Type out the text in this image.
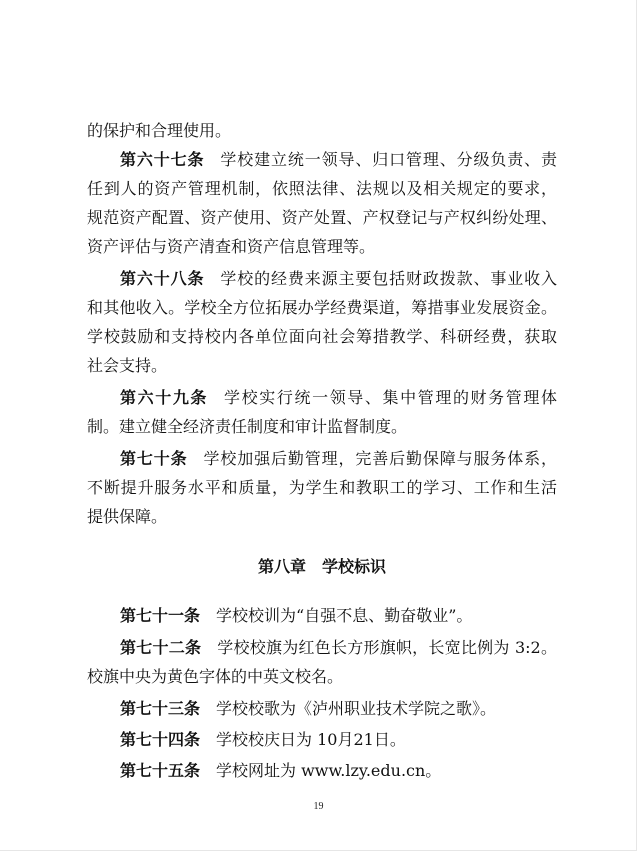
的保护和合理使用。
第六十七条 学校建立统一领导、归口管理、分级负责、责
任到人的资产管理机制，依照法律、法规以及相关规定的要求，
规范资产配置、资产使用、资产处置、产权登记与产权纠纷处理、
资产评估与资产清查和资产信息管理等。
第六十八条 学校的经费来源主要包括财政拨款、事业收入
和其他收入。学校全方位拓展办学经费渠道，筹措事业发展资金。
学校鼓励和支持校内各单位面向社会筹措教学、科研经费，获取
社会支持。
第六十九条 学校实行统一领导、集中管理的财务管理体
制。建立健全经济责任制度和审计监督制度。
第七十条 学校加强后勤管理，完善后勤保障与服务体系，
不断提升服务水平和质量，为学生和教职工的学习、工作和生活
提供保障。
第八章 学校标识
第七十一条 学校校训为“自强不息、勤奋敬业”。
第七十二条 学校校旗为红色长方形旗帜，长宽比例为 3:2。
校旗中央为黄色字体的中英文校名。
第七十三条 学校校歌为《泸州职业技术学院之歌》。
第七十四条 学校校庆日为 10月21日。
第七十五条 学校网址为 www.lzy.edu.cn。
19
